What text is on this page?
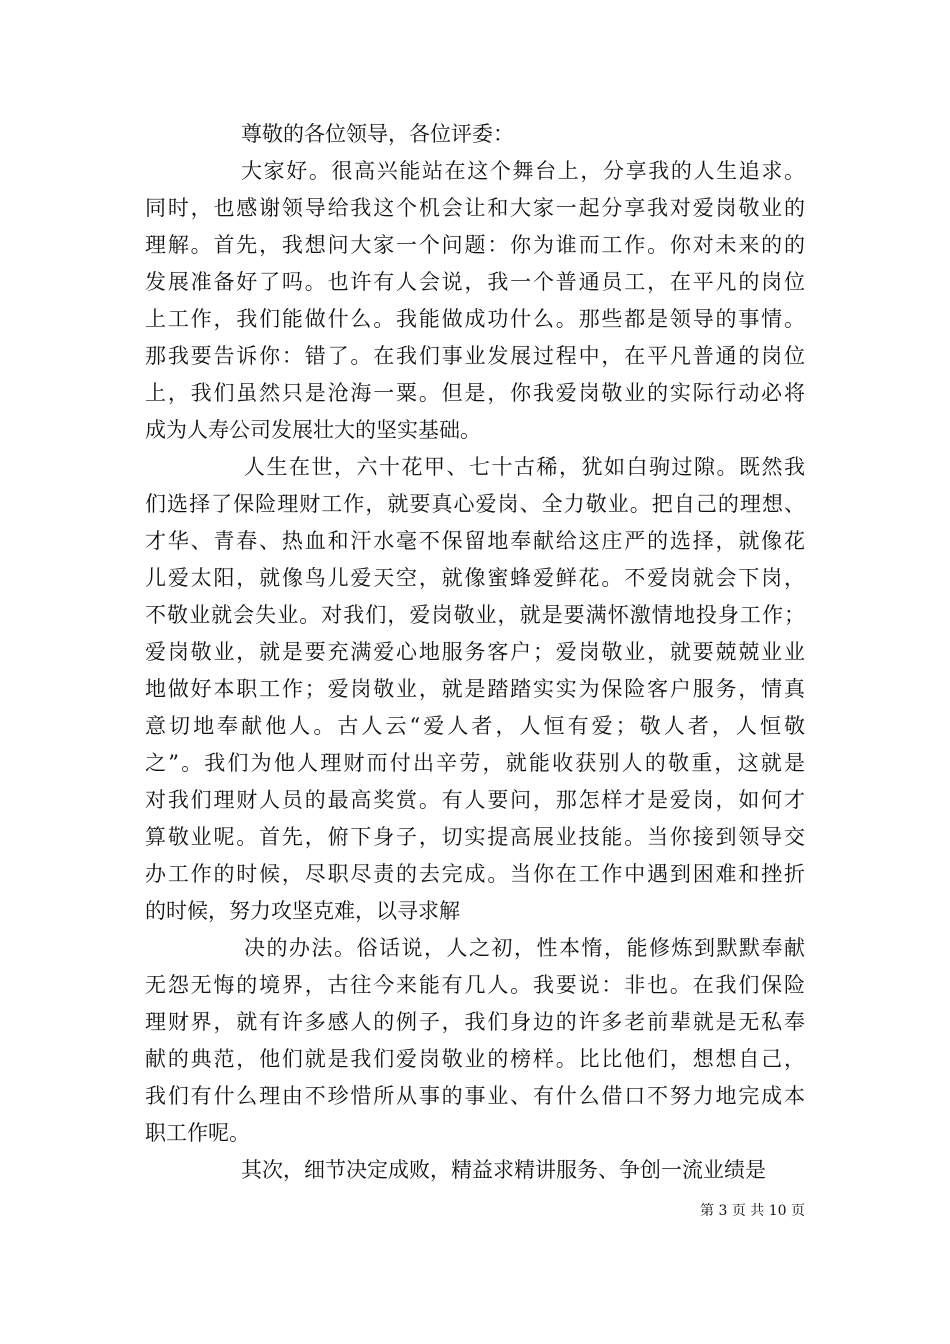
尊敬的各位领导，各位评委：
大家好。很高兴能站在这个舞台上，分享我的人生追求。
同时，也感谢领导给我这个机会让和大家一起分享我对爱岗敬业的
理解。首先，我想问大家一个问题：你为谁而工作。你对未来的的
发展准备好了吗。也许有人会说，我一个普通员工，在平凡的岗位
上工作，我们能做什么。我能做成功什么。那些都是领导的事情。
那我要告诉你：错了。在我们事业发展过程中，在平凡普通的岗位
上，我们虽然只是沧海一粟。但是，你我爱岗敬业的实际行动必将
成为人寿公司发展壮大的坚实基础。
人生在世，六十花甲、七十古稀，犹如白驹过隙。既然我
们选择了保险理财工作，就要真心爱岗、全力敬业。把自己的理想、
才华、青春、热血和汗水毫不保留地奉献给这庄严的选择，就像花
儿爱太阳，就像鸟儿爱天空，就像蜜蜂爱鲜花。不爱岗就会下岗，
不敬业就会失业。对我们，爱岗敬业，就是要满怀激情地投身工作；
爱岗敬业，就是要充满爱心地服务客户；爱岗敬业，就要兢兢业业
地做好本职工作；爱岗敬业，就是踏踏实实为保险客户服务，情真
意切地奉献他人。古人云“爱人者，人恒有爱；敬人者，人恒敬
之”。我们为他人理财而付出辛劳，就能收获别人的敬重，这就是
对我们理财人员的最高奖赏。有人要问，那怎样才是爱岗，如何才
算敬业呢。首先，俯下身子，切实提高展业技能。当你接到领导交
办工作的时候，尽职尽责的去完成。当你在工作中遇到困难和挫折
的时候，努力攻坚克难，以寻求解
决的办法。俗话说，人之初，性本惰，能修炼到默默奉献
无怨无悔的境界，古往今来能有几人。我要说：非也。在我们保险
理财界，就有许多感人的例子，我们身边的许多老前辈就是无私奉
献的典范，他们就是我们爱岗敬业的榜样。比比他们，想想自己，
我们有什么理由不珍惜所从事的事业、有什么借口不努力地完成本
职工作呢。
其次，细节决定成败，精益求精讲服务、争创一流业绩是
第 3 页 共 10 页
